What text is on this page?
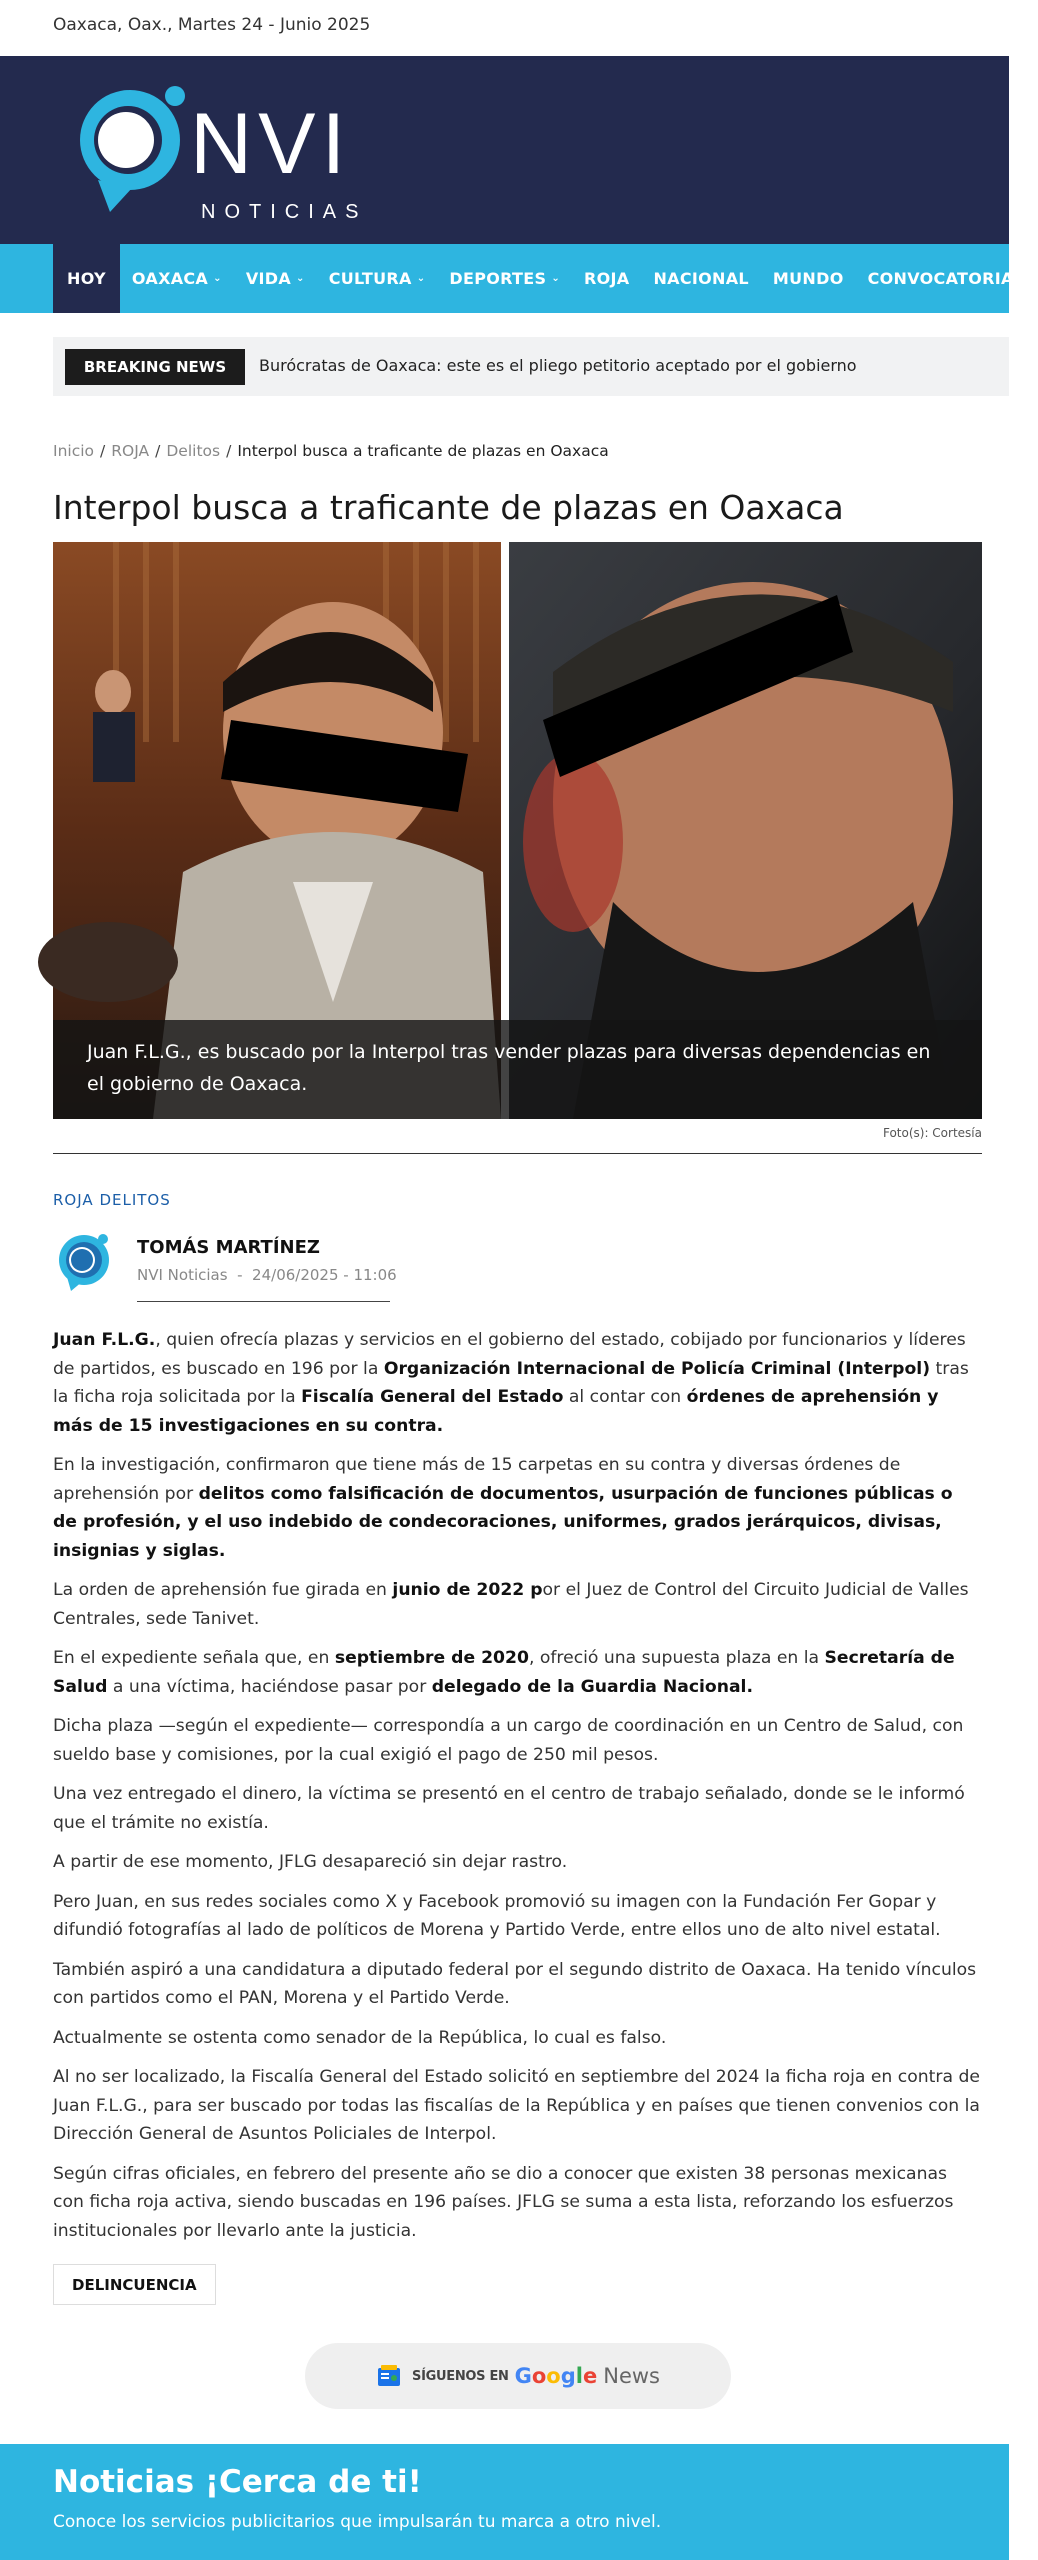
Oaxaca, Oax., Martes 24 - Junio 2025
NVI
NOTICIAS
HOY OAXACA ⌄ VIDA ⌄ CULTURA ⌄ DEPORTES ⌄ ROJA NACIONAL MUNDO CONVOCATORIAS
BREAKING NEWS	Burócratas de Oaxaca: este es el pliego petitorio aceptado por el gobierno
Inicio / ROJA / Delitos / Interpol busca a traficante de plazas en Oaxaca
Interpol busca a traficante de plazas en Oaxaca
Juan F.L.G., es buscado por la Interpol tras vender plazas para diversas dependencias en el gobierno de Oaxaca.
Foto(s): Cortesía
ROJA DELITOS
TOMÁS MARTÍNEZ
NVI Noticias  -  24/06/2025 - 11:06

Juan F.L.G., quien ofrecía plazas y servicios en el gobierno del estado, cobijado por funcionarios y líderes de partidos, es buscado en 196 por la Organización Internacional de Policía Criminal (Interpol) tras la ficha roja solicitada por la Fiscalía General del Estado al contar con órdenes de aprehensión y más de 15 investigaciones en su contra.

En la investigación, confirmaron que tiene más de 15 carpetas en su contra y diversas órdenes de aprehensión por delitos como falsificación de documentos, usurpación de funciones públicas o de profesión, y el uso indebido de condecoraciones, uniformes, grados jerárquicos, divisas, insignias y siglas.

La orden de aprehensión fue girada en junio de 2022 por el Juez de Control del Circuito Judicial de Valles Centrales, sede Tanivet.

En el expediente señala que, en septiembre de 2020, ofreció una supuesta plaza en la Secretaría de Salud a una víctima, haciéndose pasar por delegado de la Guardia Nacional.

Dicha plaza —según el expediente— correspondía a un cargo de coordinación en un Centro de Salud, con sueldo base y comisiones, por la cual exigió el pago de 250 mil pesos.

Una vez entregado el dinero, la víctima se presentó en el centro de trabajo señalado, donde se le informó que el trámite no existía.

A partir de ese momento, JFLG desapareció sin dejar rastro.

Pero Juan, en sus redes sociales como X y Facebook promovió su imagen con la Fundación Fer Gopar y difundió fotografías al lado de políticos de Morena y Partido Verde, entre ellos uno de alto nivel estatal.

También aspiró a una candidatura a diputado federal por el segundo distrito de Oaxaca. Ha tenido vínculos con partidos como el PAN, Morena y el Partido Verde.

Actualmente se ostenta como senador de la República, lo cual es falso.

Al no ser localizado, la Fiscalía General del Estado solicitó en septiembre del 2024 la ficha roja en contra de Juan F.L.G., para ser buscado por todas las fiscalías de la República y en países que tienen convenios con la Dirección General de Asuntos Policiales de Interpol.

Según cifras oficiales, en febrero del presente año se dio a conocer que existen 38 personas mexicanas con ficha roja activa, siendo buscadas en 196 países. JFLG se suma a esta lista, reforzando los esfuerzos institucionales por llevarlo ante la justicia.

DELINCUENCIA
SÍGUENOS EN Google News
Noticias ¡Cerca de ti!
Conoce los servicios publicitarios que impulsarán tu marca a otro nivel.
